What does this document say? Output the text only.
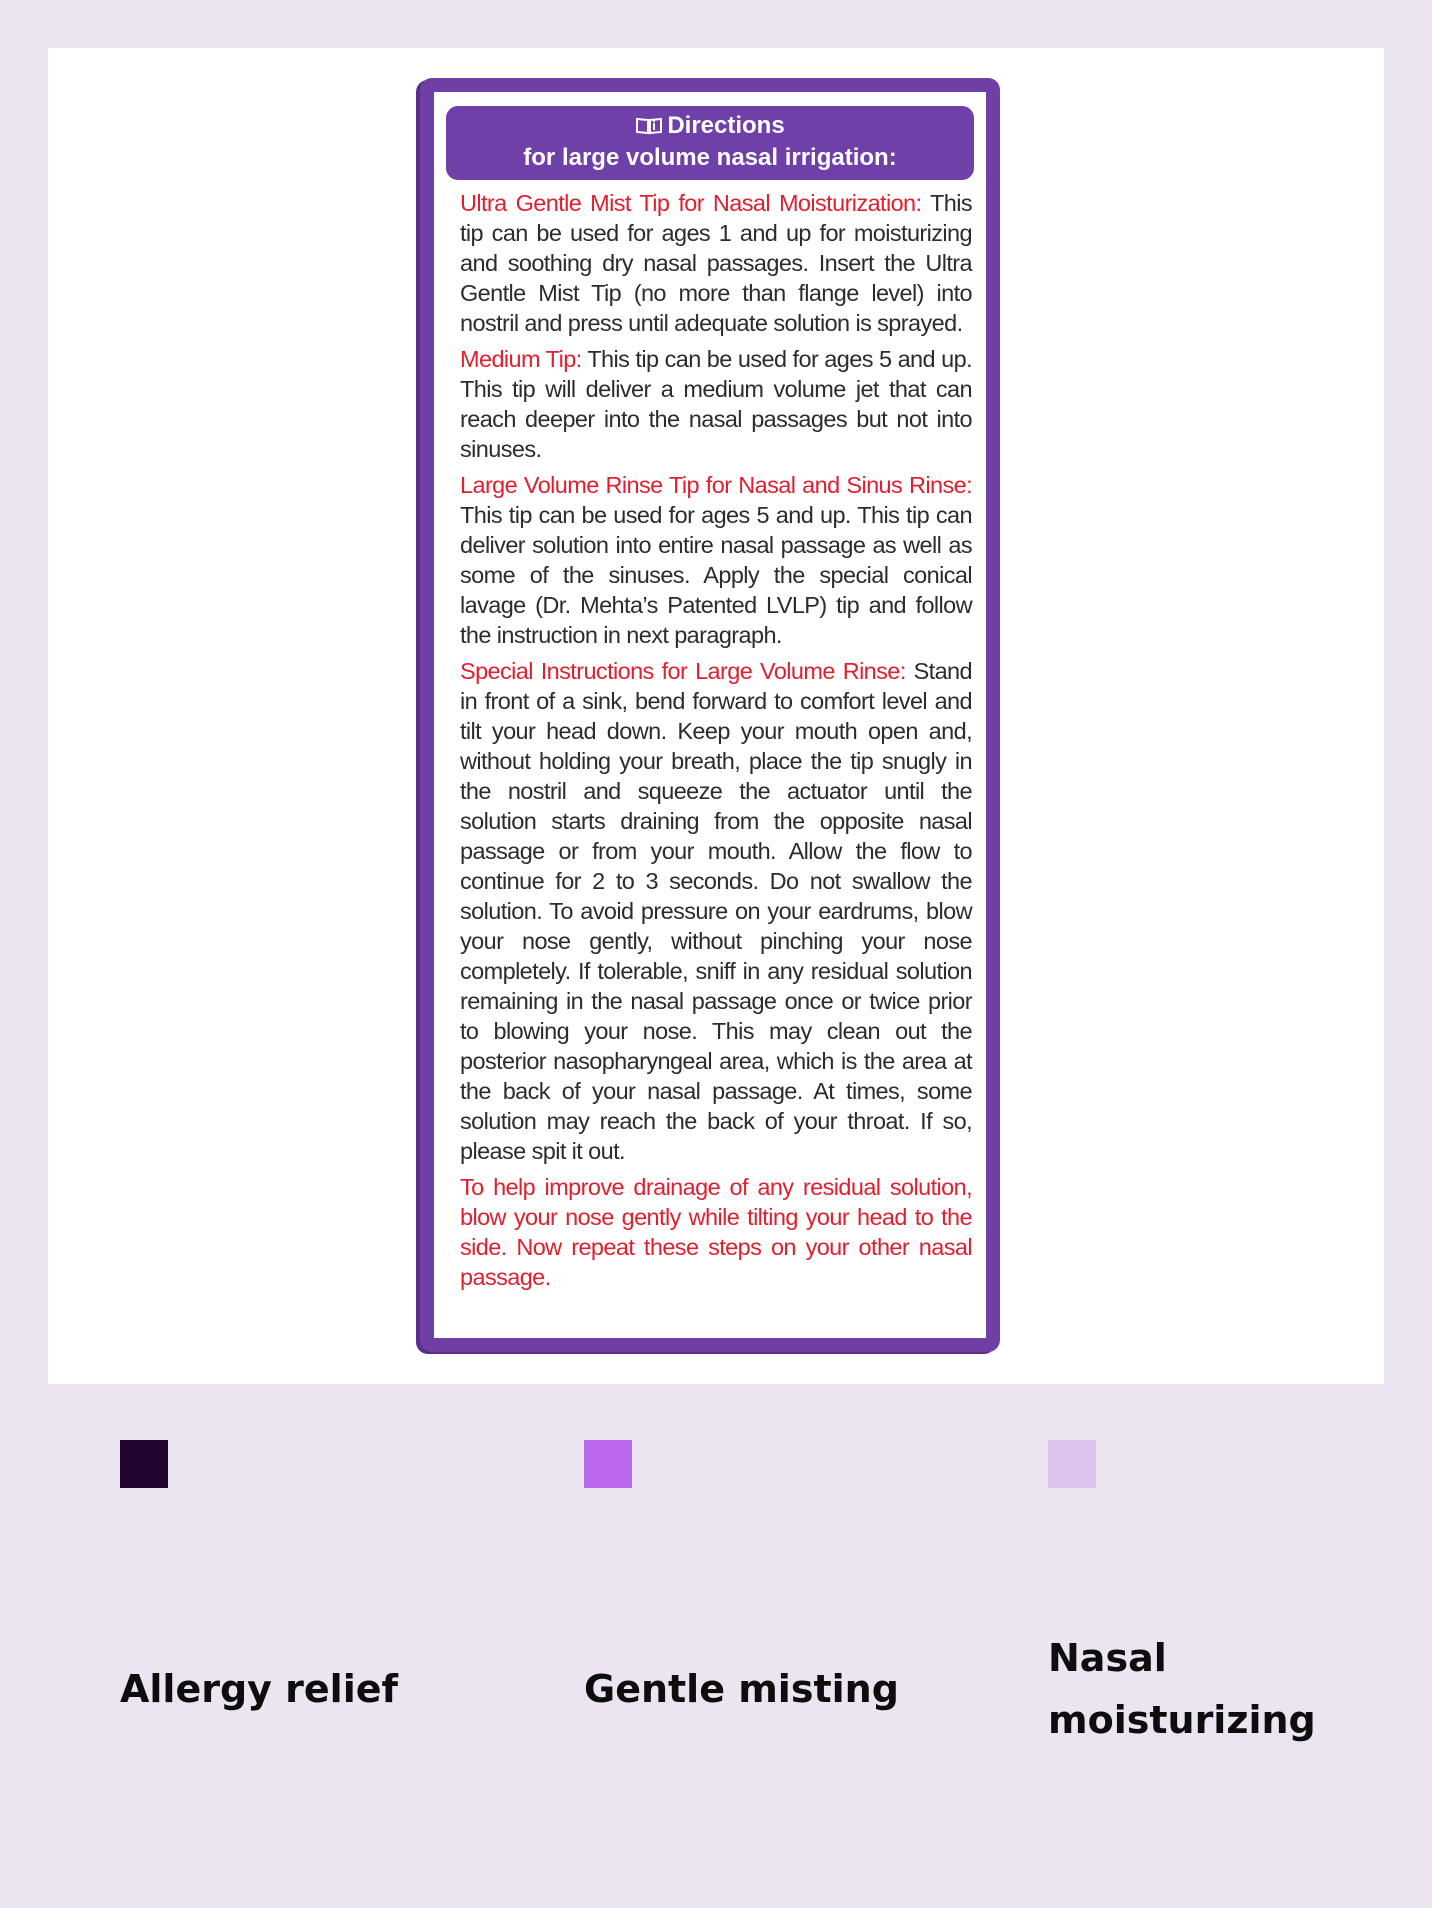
Directions
for large volume nasal irrigation:

Ultra Gentle Mist Tip for Nasal Moisturization: This tip can be used for ages 1 and up for moisturizing and soothing dry nasal passages. Insert the Ultra Gentle Mist Tip (no more than flange level) into nostril and press until adequate solution is sprayed.

Medium Tip: This tip can be used for ages 5 and up. This tip will deliver a medium volume jet that can reach deeper into the nasal passages but not into sinuses.

Large Volume Rinse Tip for Nasal and Sinus Rinse: This tip can be used for ages 5 and up. This tip can deliver solution into entire nasal passage as well as some of the sinuses. Apply the special conical lavage (Dr. Mehta’s Patented LVLP) tip and follow the instruction in next paragraph.

Special Instructions for Large Volume Rinse: Stand in front of a sink, bend forward to comfort level and tilt your head down. Keep your mouth open and, without holding your breath, place the tip snugly in the nostril and squeeze the actuator until the solution starts draining from the opposite nasal passage or from your mouth. Allow the flow to continue for 2 to 3 seconds. Do not swallow the solution. To avoid pressure on your eardrums, blow your nose gently, without pinching your nose completely. If tolerable, sniff in any residual solution remaining in the nasal passage once or twice prior to blowing your nose. This may clean out the posterior nasopharyngeal area, which is the area at the back of your nasal passage. At times, some solution may reach the back of your throat. If so, please spit it out.

To help improve drainage of any residual solution, blow your nose gently while tilting your head to the side. Now repeat these steps on your other nasal passage.

Allergy relief	Gentle misting
Nasal moisturizing
